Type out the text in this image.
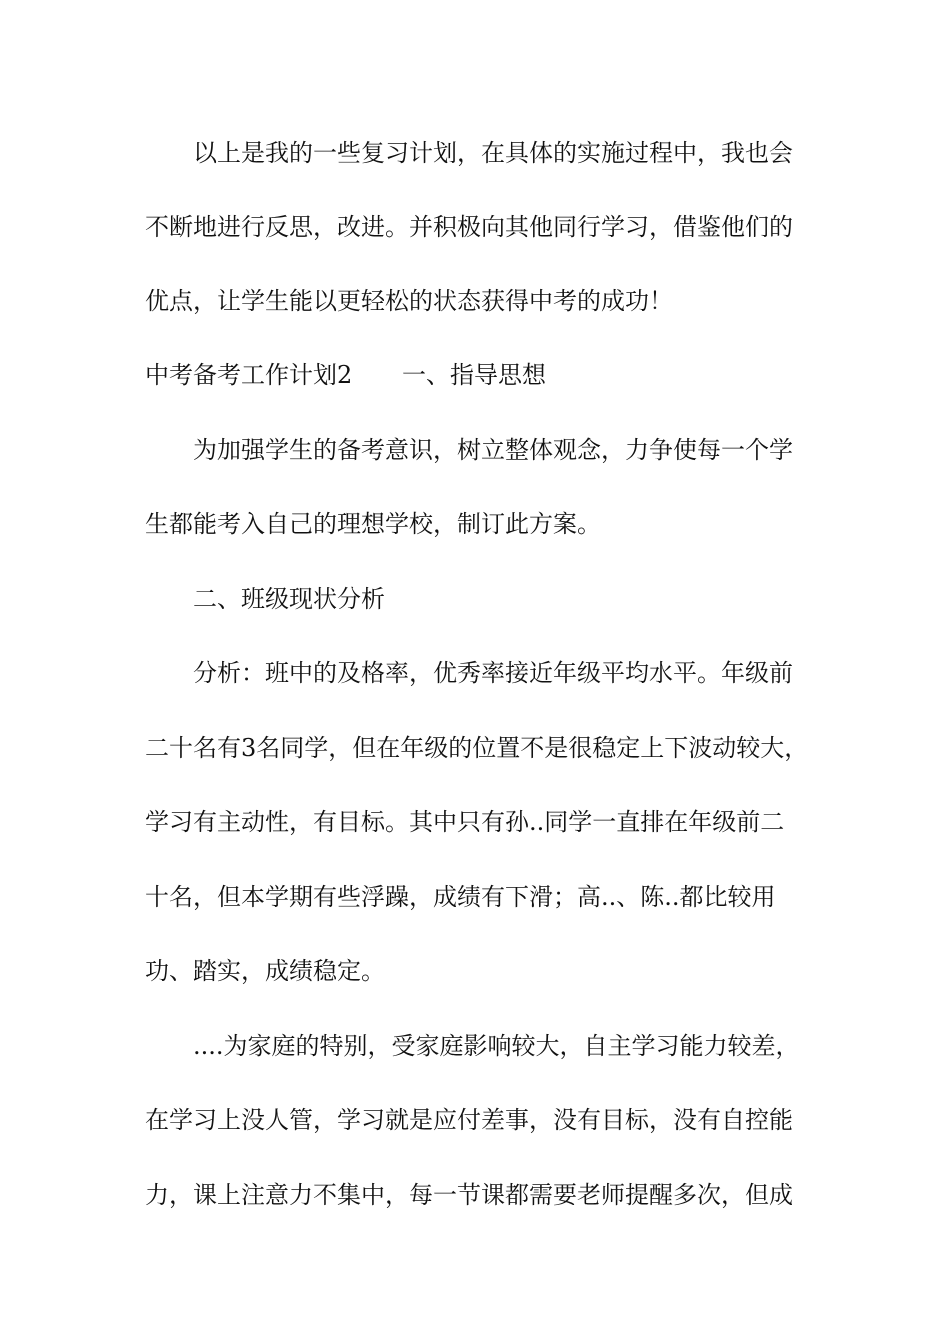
以上是我的一些复习计划，在具体的实施过程中，我也会

不断地进行反思，改进。并积极向其他同行学习，借鉴他们的

优点，让学生能以更轻松的状态获得中考的成功！

中考备考工作计划2 一、指导思想

为加强学生的备考意识，树立整体观念，力争使每一个学

生都能考入自己的理想学校，制订此方案。

二、班级现状分析

分析：班中的及格率，优秀率接近年级平均水平。年级前

二十名有3名同学，但在年级的位置不是很稳定上下波动较大，

学习有主动性，有目标。其中只有孙..同学一直排在年级前二

十名，但本学期有些浮躁，成绩有下滑；高..、陈..都比较用

功、踏实，成绩稳定。

....为家庭的特别，受家庭影响较大，自主学习能力较差，

在学习上没人管，学习就是应付差事，没有目标，没有自控能

力，课上注意力不集中，每一节课都需要老师提醒多次，但成
